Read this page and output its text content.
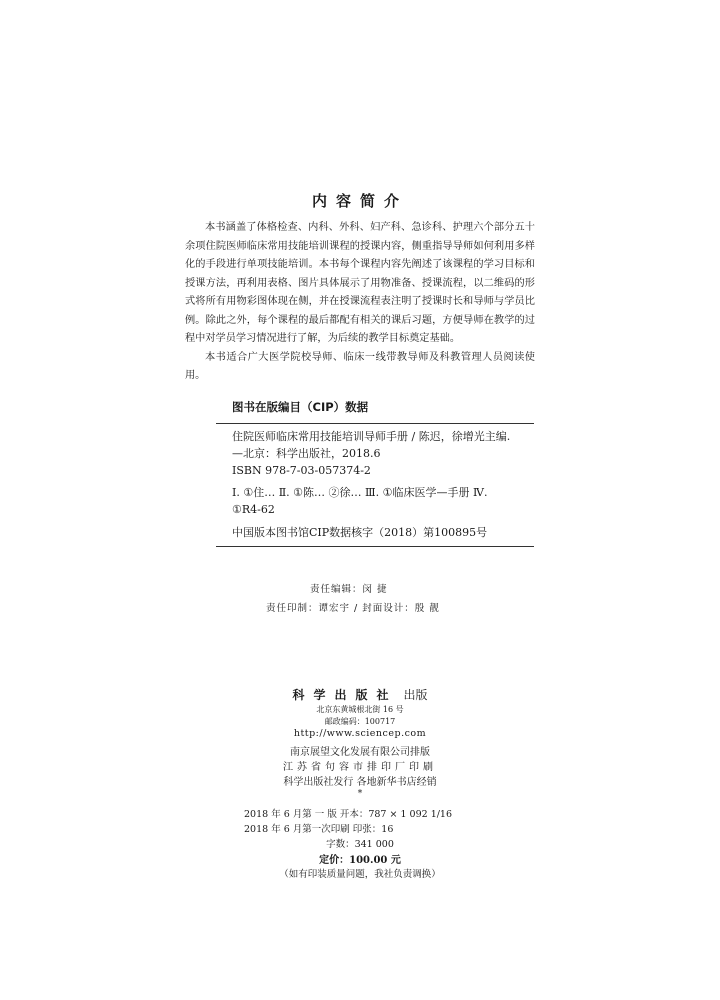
内容简介

本书涵盖了体格检查、内科、外科、妇产科、急诊科、护理六个部分五十余项住院医师临床常用技能培训课程的授课内容，侧重指导导师如何利用多样化的手段进行单项技能培训。本书每个课程内容先阐述了该课程的学习目标和授课方法，再利用表格、图片具体展示了用物准备、授课流程，以二维码的形式将所有用物彩图体现在侧，并在授课流程表注明了授课时长和导师与学员比例。除此之外，每个课程的最后都配有相关的课后习题，方便导师在教学的过程中对学员学习情况进行了解，为后续的教学目标奠定基础。

本书适合广大医学院校导师、临床一线带教导师及科教管理人员阅读使用。

图书在版编目（CIP）数据
住院医师临床常用技能培训导师手册 / 陈迟，徐增光主编.
—北京：科学出版社，2018.6
ISBN 978-7-03-057374-2
Ⅰ. ①住… Ⅱ. ①陈… ②徐… Ⅲ. ①临床医学—手册 Ⅳ.
①R4-62
中国版本图书馆CIP数据核字（2018）第100895号
责任编辑：闵 捷
责任印制：谭宏宇 / 封面设计：殷 靓
科学出版社 出版
北京东黄城根北街 16 号
邮政编码：100717
http://www.sciencep.com
南京展望文化发展有限公司排版
江苏省句容市排印厂印刷
科学出版社发行 各地新华书店经销
*
2018 年 6 月第 一 版 开本：787 × 1 092 1/16
2018 年 6 月第一次印刷 印张：16
字数：341 000
定价：100.00 元
（如有印装质量问题，我社负责调换）
